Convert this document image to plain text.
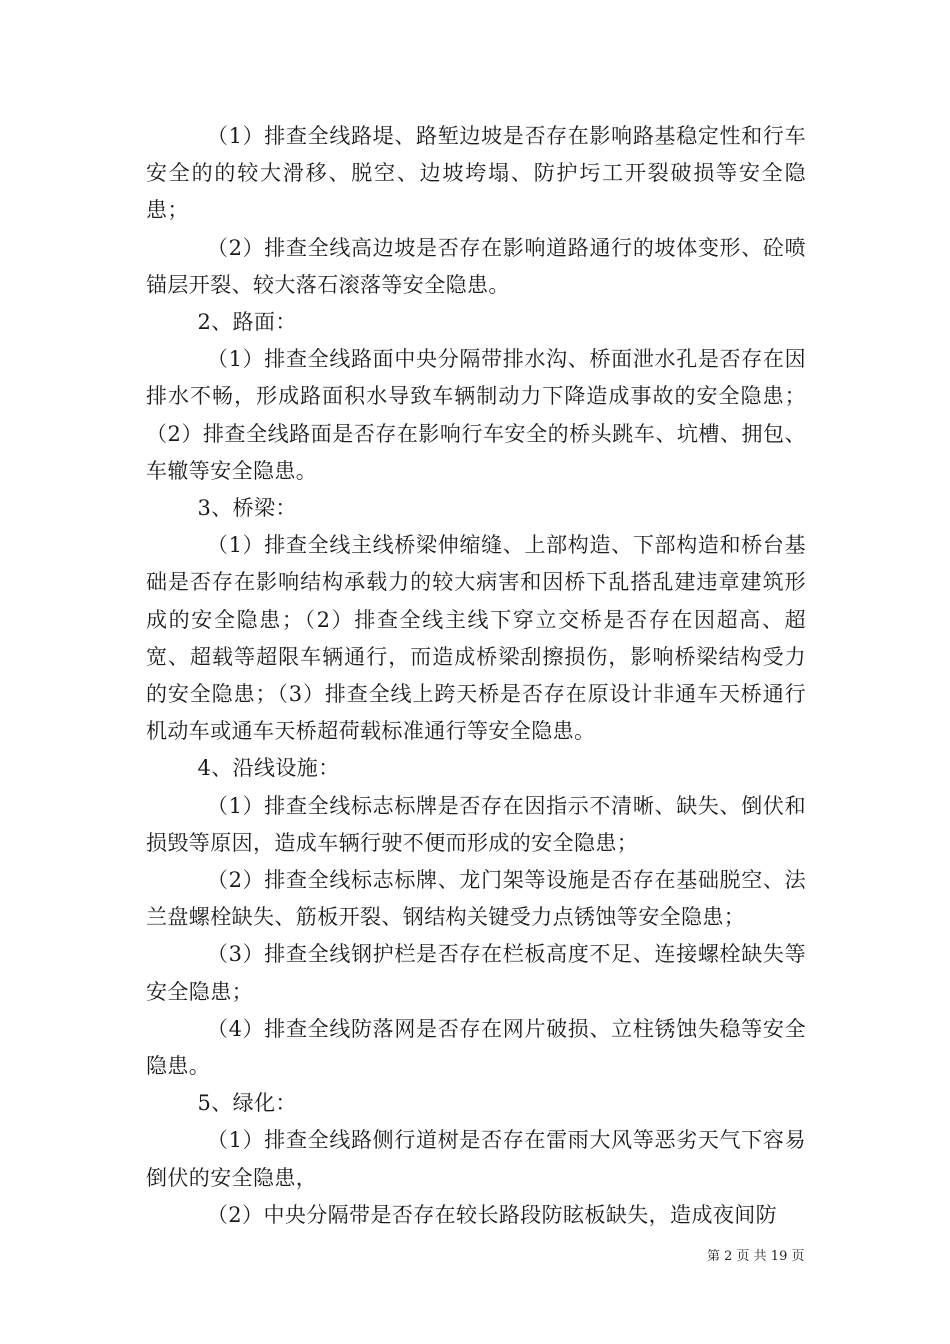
（1）排查全线路堤、路堑边坡是否存在影响路基稳定性和行车安全的的较大滑移、脱空、边坡垮塌、防护圬工开裂破损等安全隐患；

（2）排查全线高边坡是否存在影响道路通行的坡体变形、砼喷锚层开裂、较大落石滚落等安全隐患。

2、路面：

（1）排查全线路面中央分隔带排水沟、桥面泄水孔是否存在因排水不畅，形成路面积水导致车辆制动力下降造成事故的安全隐患；（2）排查全线路面是否存在影响行车安全的桥头跳车、坑槽、拥包、车辙等安全隐患。

3、桥梁：

（1）排查全线主线桥梁伸缩缝、上部构造、下部构造和桥台基础是否存在影响结构承载力的较大病害和因桥下乱搭乱建违章建筑形成的安全隐患；（2）排查全线主线下穿立交桥是否存在因超高、超宽、超载等超限车辆通行，而造成桥梁刮擦损伤，影响桥梁结构受力的安全隐患；（3）排查全线上跨天桥是否存在原设计非通车天桥通行机动车或通车天桥超荷载标准通行等安全隐患。

4、沿线设施：

（1）排查全线标志标牌是否存在因指示不清晰、缺失、倒伏和损毁等原因，造成车辆行驶不便而形成的安全隐患；

（2）排查全线标志标牌、龙门架等设施是否存在基础脱空、法兰盘螺栓缺失、筋板开裂、钢结构关键受力点锈蚀等安全隐患；

（3）排查全线钢护栏是否存在栏板高度不足、连接螺栓缺失等安全隐患；

（4）排查全线防落网是否存在网片破损、立柱锈蚀失稳等安全隐患。

5、绿化：

（1）排查全线路侧行道树是否存在雷雨大风等恶劣天气下容易倒伏的安全隐患，

（2）中央分隔带是否存在较长路段防眩板缺失，造成夜间防

第 2 页 共 19 页
